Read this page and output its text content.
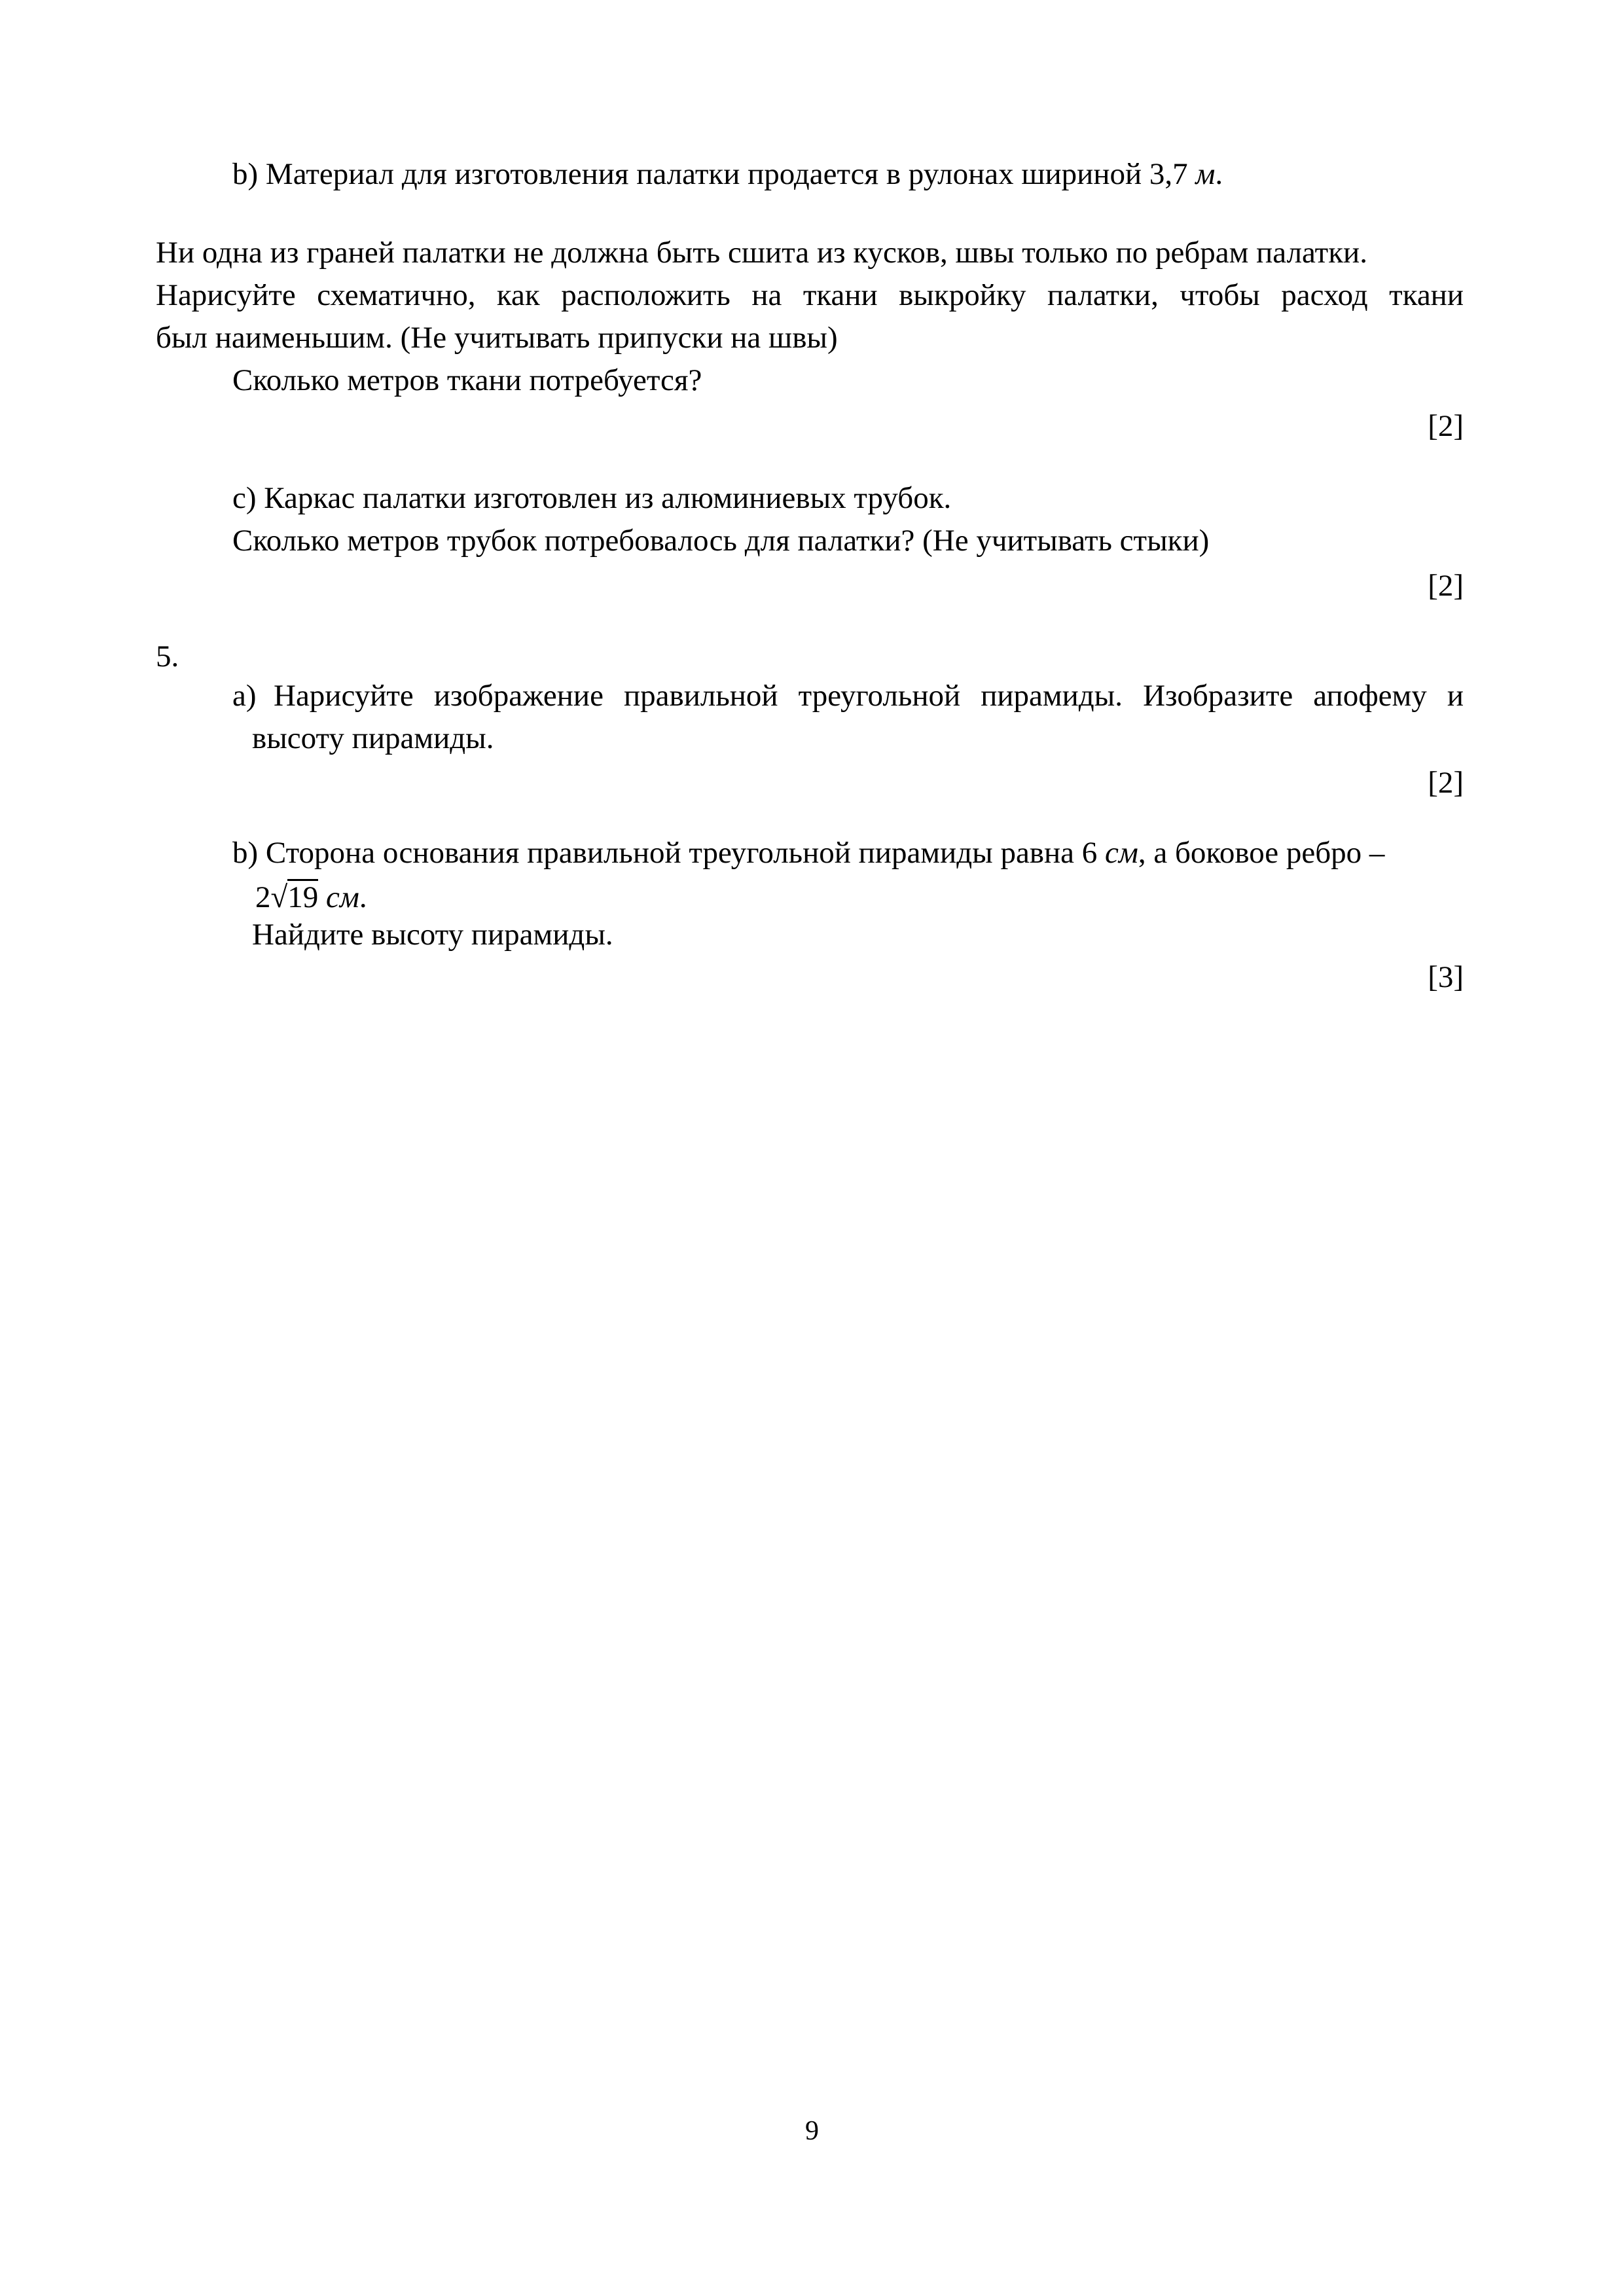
b) Материал для изготовления палатки продается в рулонах шириной 3,7 м.
Ни одна из граней палатки не должна быть сшита из кусков, швы только по ребрам палатки.
Нарисуйте схематично, как расположить на ткани выкройку палатки, чтобы расход ткани
был наименьшим. (Не учитывать припуски на швы)
Сколько метров ткани потребуется?
[2]
c) Каркас палатки изготовлен из алюминиевых трубок.
Сколько метров трубок потребовалось для палатки? (Не учитывать стыки)
[2]
5.
a) Нарисуйте изображение правильной треугольной пирамиды. Изобразите апофему и
высоту пирамиды.
[2]
b) Сторона основания правильной треугольной пирамиды равна 6 см, а боковое ребро –
2√19 см.
Найдите высоту пирамиды.
[3]
9
